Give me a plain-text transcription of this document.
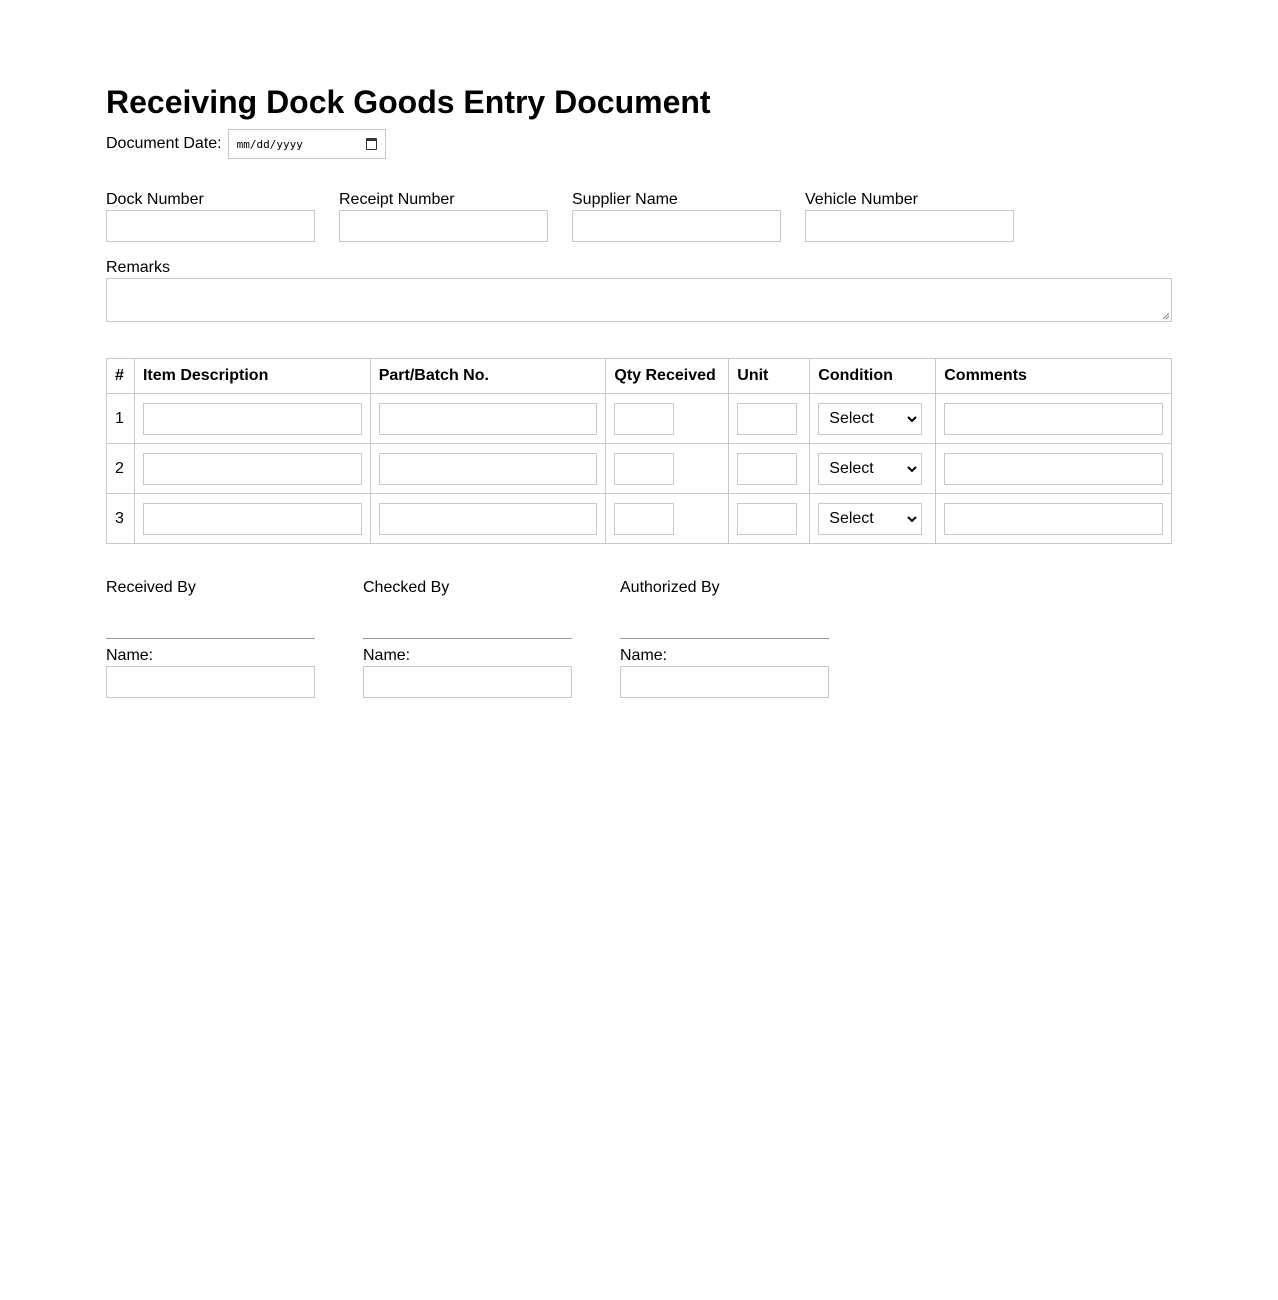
Receiving Dock Goods Entry Document
Document Date: mm/dd/yyyy
Dock Number	Receipt Number	Supplier Name	Vehicle Number
Remarks
#	Item Description	Part/Batch No.	Qty Received	Unit	Condition	Comments
1					Select	

2					Select	

3					Select	

Received By
Name:
Checked By
Name:
Authorized By
Name:
